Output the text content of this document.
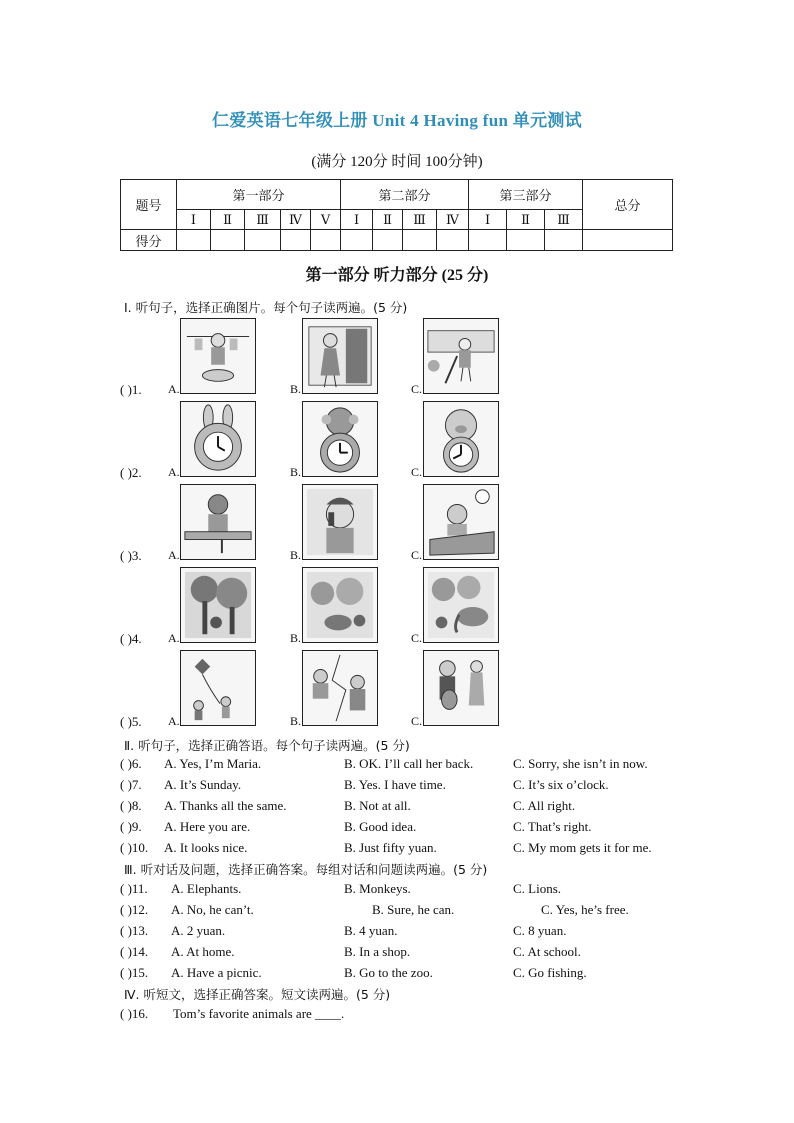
仁爱英语七年级上册 Unit 4 Having fun 单元测试
(满分 120分 时间 100分钟)
题号	第一部分					第二部分				第三部分			总分
	Ⅰ	Ⅱ	Ⅲ	Ⅳ	Ⅴ	Ⅰ	Ⅱ	Ⅲ	Ⅳ	Ⅰ	Ⅱ	Ⅲ	
得分													
第一部分 听力部分 (25 分)
Ⅰ. 听句子，选择正确图片。每个句子读两遍。(5 分)
( )1. A.	B.	C.
( )2. A.	B.	C.
( )3. A.	B.	C.
( )4. A.	B.	C.
( )5. A.	B.	C.
Ⅱ. 听句子，选择正确答语。每个句子读两遍。(5 分)
( )6. A. Yes, I’m Maria.	B. OK. I’ll call her back.	C. Sorry, she isn’t in now.
( )7. A. It’s Sunday.	B. Yes. I have time.	C. It’s six o’clock.
( )8. A. Thanks all the same.	B. Not at all.	C. All right.
( )9. A. Here you are.	B. Good idea.	C. That’s right.
( )10. A. It looks nice.	B. Just fifty yuan.	C. My mom gets it for me.
Ⅲ. 听对话及问题，选择正确答案。每组对话和问题读两遍。(5 分)
( )11. A. Elephants.	B. Monkeys.	C. Lions.
( )12. A. No, he can’t.	B. Sure, he can.	C. Yes, he’s free.
( )13. A. 2 yuan.	B. 4 yuan.	C. 8 yuan.
( )14. A. At home.	B. In a shop.	C. At school.
( )15. A. Have a picnic.	B. Go to the zoo.	C. Go fishing.
Ⅳ. 听短文，选择正确答案。短文读两遍。(5 分)
( )16. Tom’s favorite animals are ____.
